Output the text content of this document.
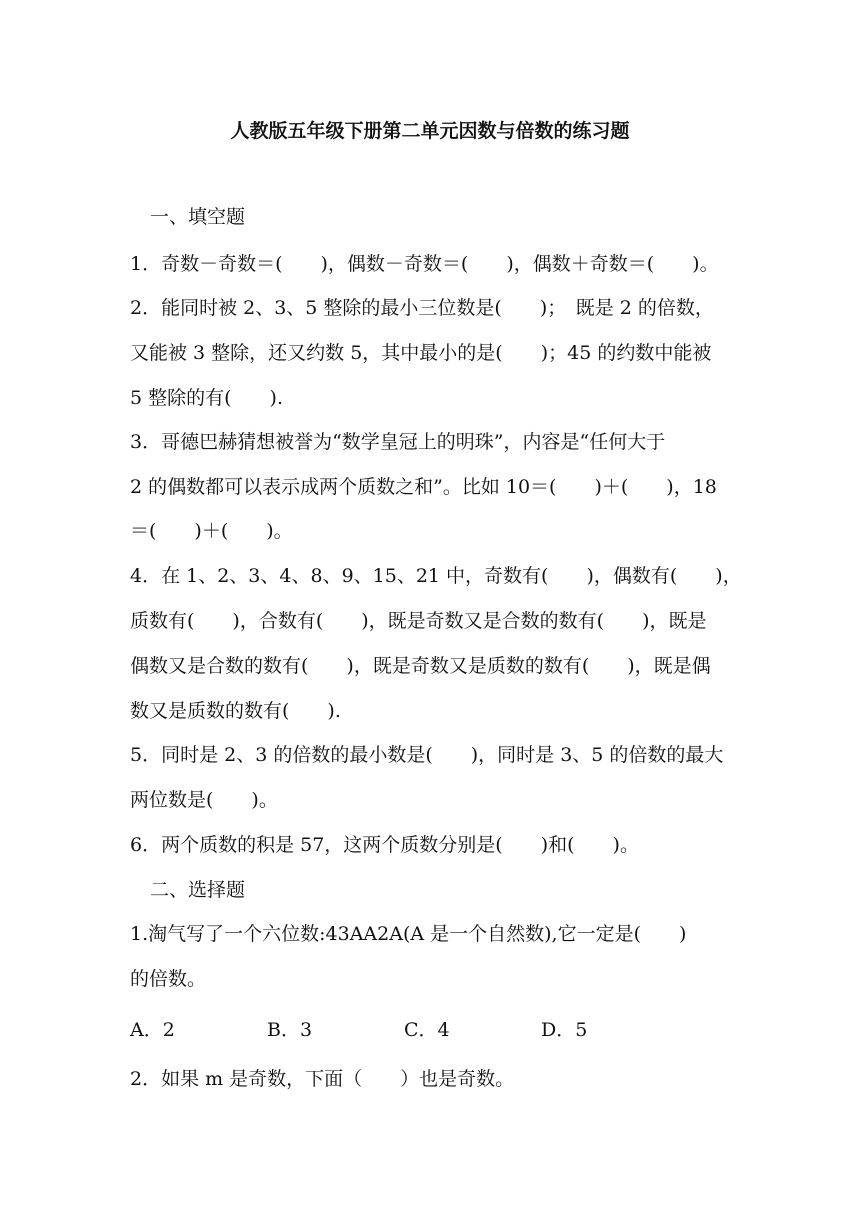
人教版五年级下册第二单元因数与倍数的练习题
一、填空题
1．奇数－奇数＝(　　)，偶数－奇数＝(　　)，偶数＋奇数＝(　　)。
2．能同时被 2、3、5 整除的最小三位数是(　　)；　既是 2 的倍数，
又能被 3 整除，还又约数 5，其中最小的是(　　)；45 的约数中能被
5 整除的有(　　).
3．哥德巴赫猜想被誉为“数学皇冠上的明珠”，内容是“任何大于
2 的偶数都可以表示成两个质数之和”。比如 10＝(　　)＋(　　)，18
＝(　　)＋(　　)。
4．在 1、2、3、4、8、9、15、21 中，奇数有(　　)，偶数有(　　)，
质数有(　　)，合数有(　　)，既是奇数又是合数的数有(　　)，既是
偶数又是合数的数有(　　)，既是奇数又是质数的数有(　　)，既是偶
数又是质数的数有(　　).
5．同时是 2、3 的倍数的最小数是(　　)，同时是 3、5 的倍数的最大
两位数是(　　)。
6．两个质数的积是 57，这两个质数分别是(　　)和(　　)。
二、选择题
1.淘气写了一个六位数:43AA2A(A 是一个自然数),它一定是(　　)
的倍数。
A．2	B．3	C．4	D．5
2．如果 m 是奇数，下面（　　）也是奇数。
